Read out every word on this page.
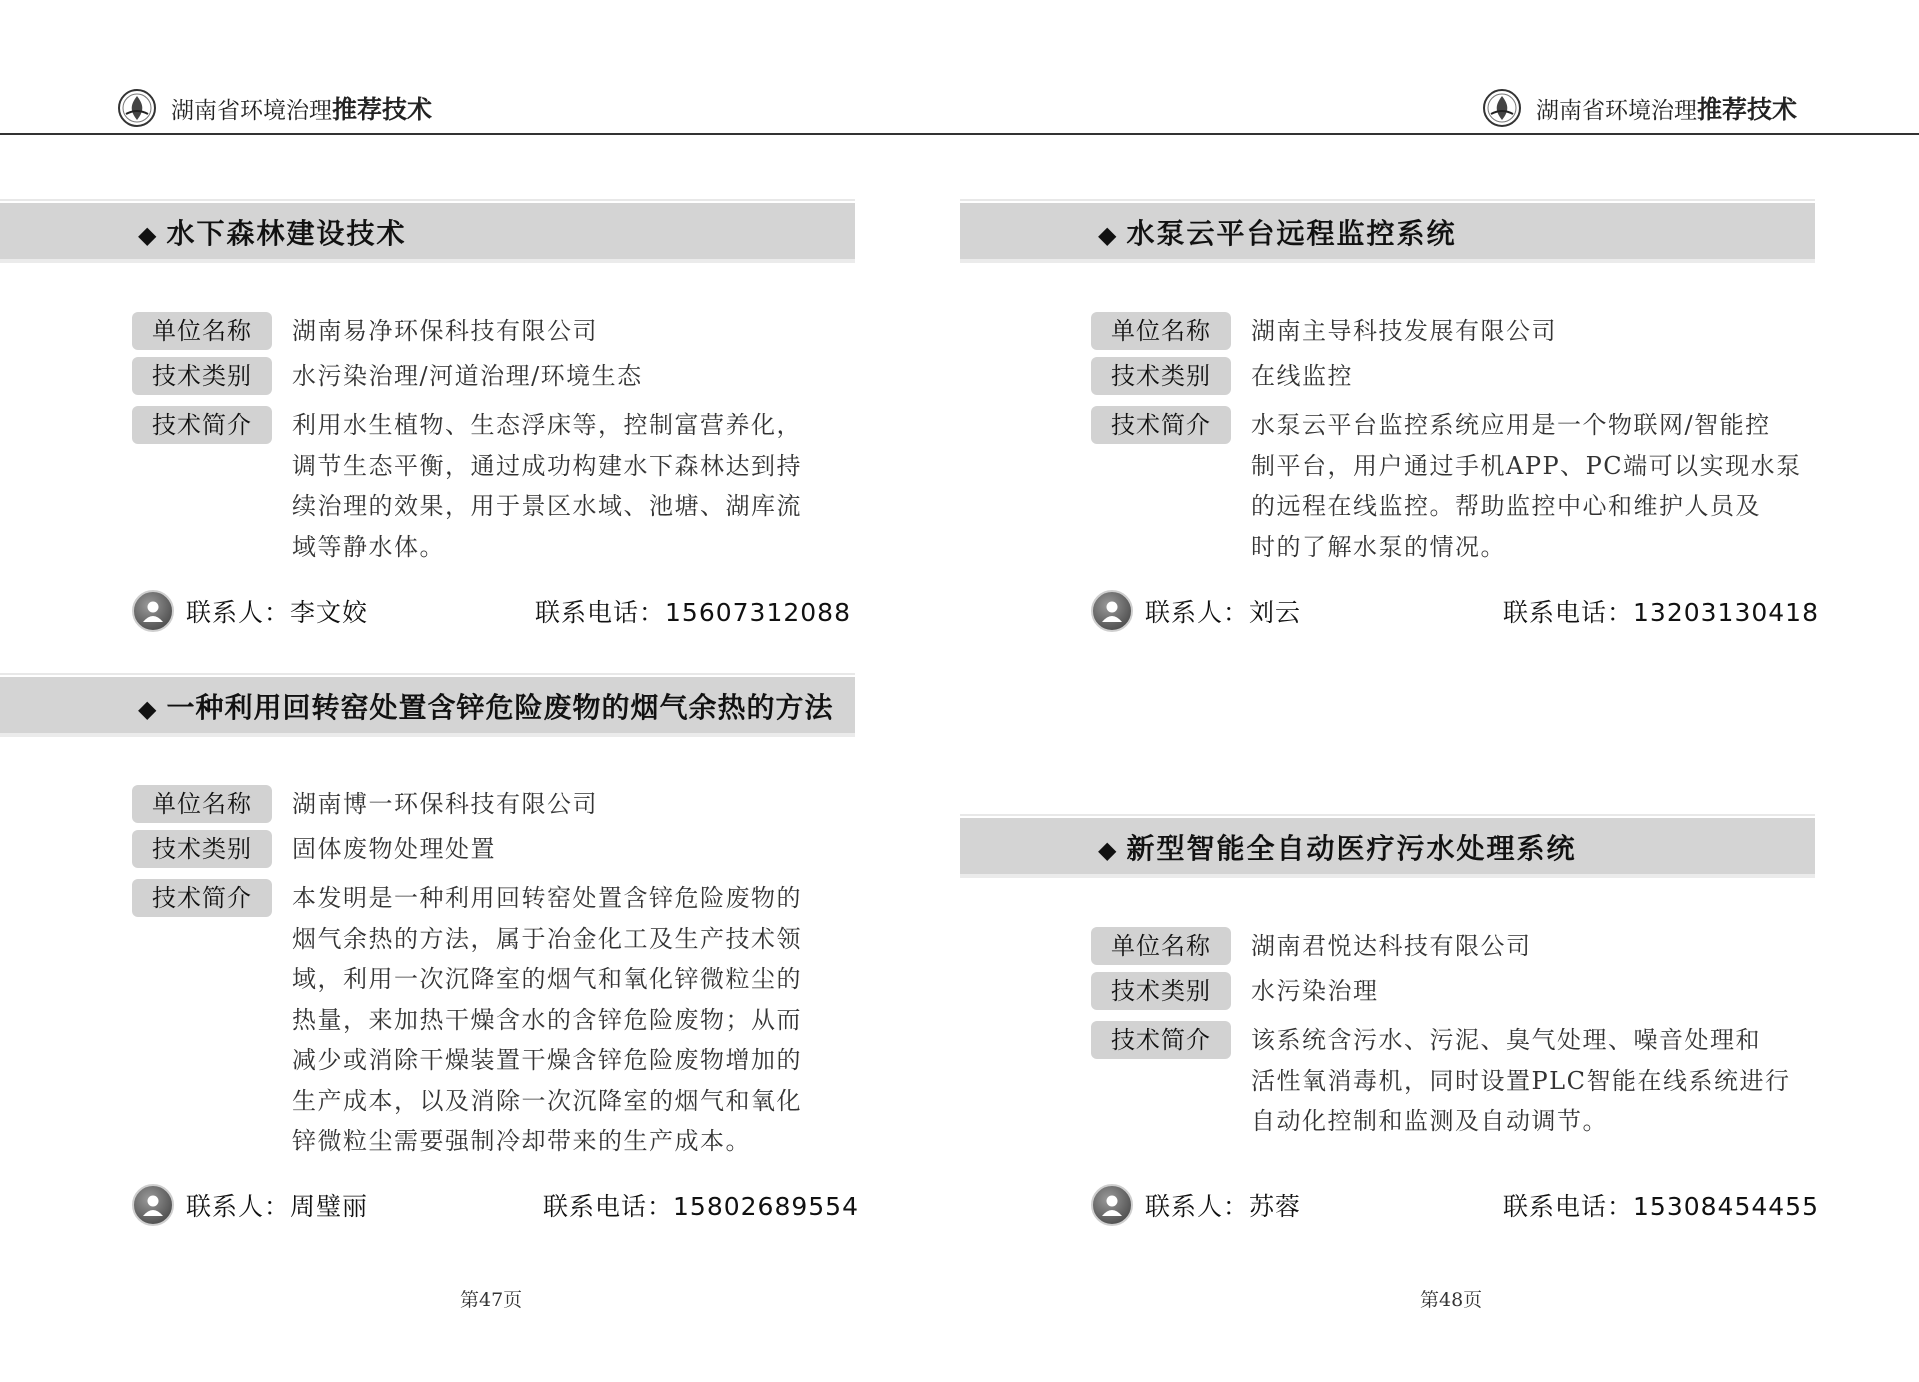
湖南省环境治理推荐技术	湖南省环境治理推荐技术
◆ 水下森林建设技术
单位名称	湖南易净环保科技有限公司
技术类别	水污染治理/河道治理/环境生态
技术简介	利用水生植物、生态浮床等，控制富营养化，
调节生态平衡，通过成功构建水下森林达到持
续治理的效果，用于景区水域、池塘、湖库流
域等静水体。
联系人：李文姣	联系电话：15607312088
◆ 一种利用回转窑处置含锌危险废物的烟气余热的方法
单位名称	湖南博一环保科技有限公司
技术类别	固体废物处理处置
技术简介	本发明是一种利用回转窑处置含锌危险废物的
烟气余热的方法，属于冶金化工及生产技术领
域，利用一次沉降室的烟气和氧化锌微粒尘的
热量，来加热干燥含水的含锌危险废物；从而
减少或消除干燥装置干燥含锌危险废物增加的
生产成本，以及消除一次沉降室的烟气和氧化
锌微粒尘需要强制冷却带来的生产成本。
联系人：周璧丽	联系电话：15802689554
◆ 水泵云平台远程监控系统
单位名称	湖南主导科技发展有限公司
技术类别	在线监控
技术简介	水泵云平台监控系统应用是一个物联网/智能控
制平台，用户通过手机APP、PC端可以实现水泵
的远程在线监控。帮助监控中心和维护人员及
时的了解水泵的情况。
联系人：刘云	联系电话：13203130418
◆ 新型智能全自动医疗污水处理系统
单位名称	湖南君悦达科技有限公司
技术类别	水污染治理
技术简介	该系统含污水、污泥、臭气处理、噪音处理和
活性氧消毒机，同时设置PLC智能在线系统进行
自动化控制和监测及自动调节。
联系人：苏蓉	联系电话：15308454455
第47页	第48页
